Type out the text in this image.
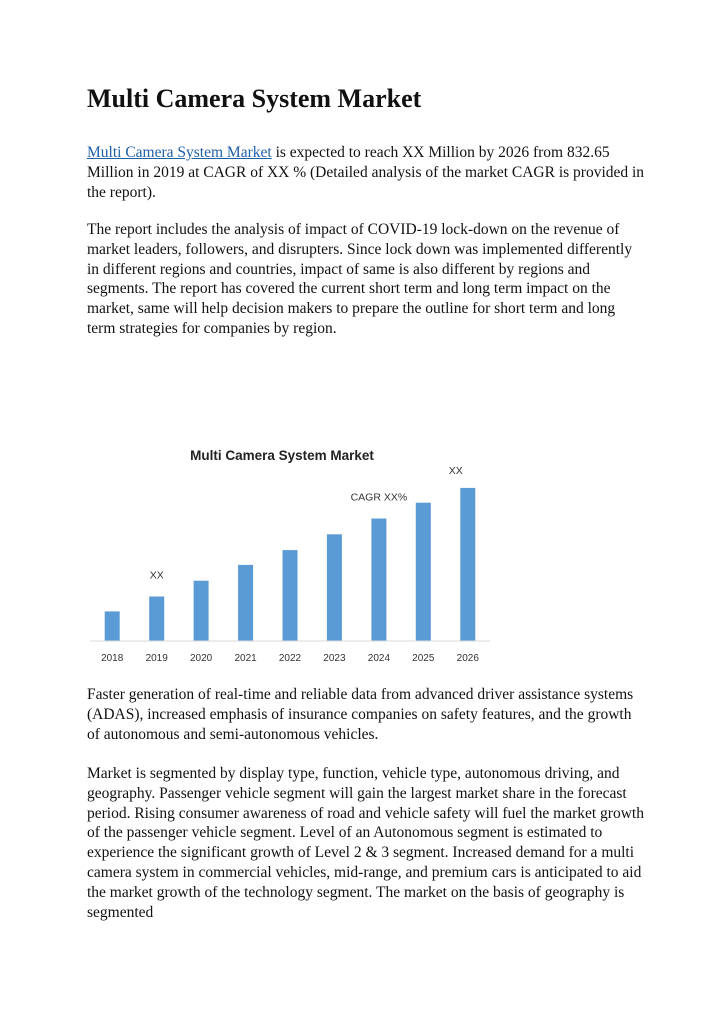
Multi Camera System Market

Multi Camera System Market is expected to reach XX Million by 2026 from 832.65 Million in 2019 at CAGR of XX % (Detailed analysis of the market CAGR is provided in the report).

The report includes the analysis of impact of COVID-19 lock-down on the revenue of market leaders, followers, and disrupters. Since lock down was implemented differently in different regions and countries, impact of same is also different by regions and segments. The report has covered the current short term and long term impact on the market, same will help decision makers to prepare the outline for short term and long term strategies for companies by region.

Multi Camera System Market
2018 2019 2020 2021 2022 2023 2024 2025 2026
XX
CAGR XX%
XX

Faster generation of real-time and reliable data from advanced driver assistance systems (ADAS), increased emphasis of insurance companies on safety features, and the growth of autonomous and semi-autonomous vehicles.

Market is segmented by display type, function, vehicle type, autonomous driving, and geography. Passenger vehicle segment will gain the largest market share in the forecast period. Rising consumer awareness of road and vehicle safety will fuel the market growth of the passenger vehicle segment. Level of an Autonomous segment is estimated to experience the significant growth of Level 2 & 3 segment. Increased demand for a multi camera system in commercial vehicles, mid-range, and premium cars is anticipated to aid the market growth of the technology segment. The market on the basis of geography is segmented
